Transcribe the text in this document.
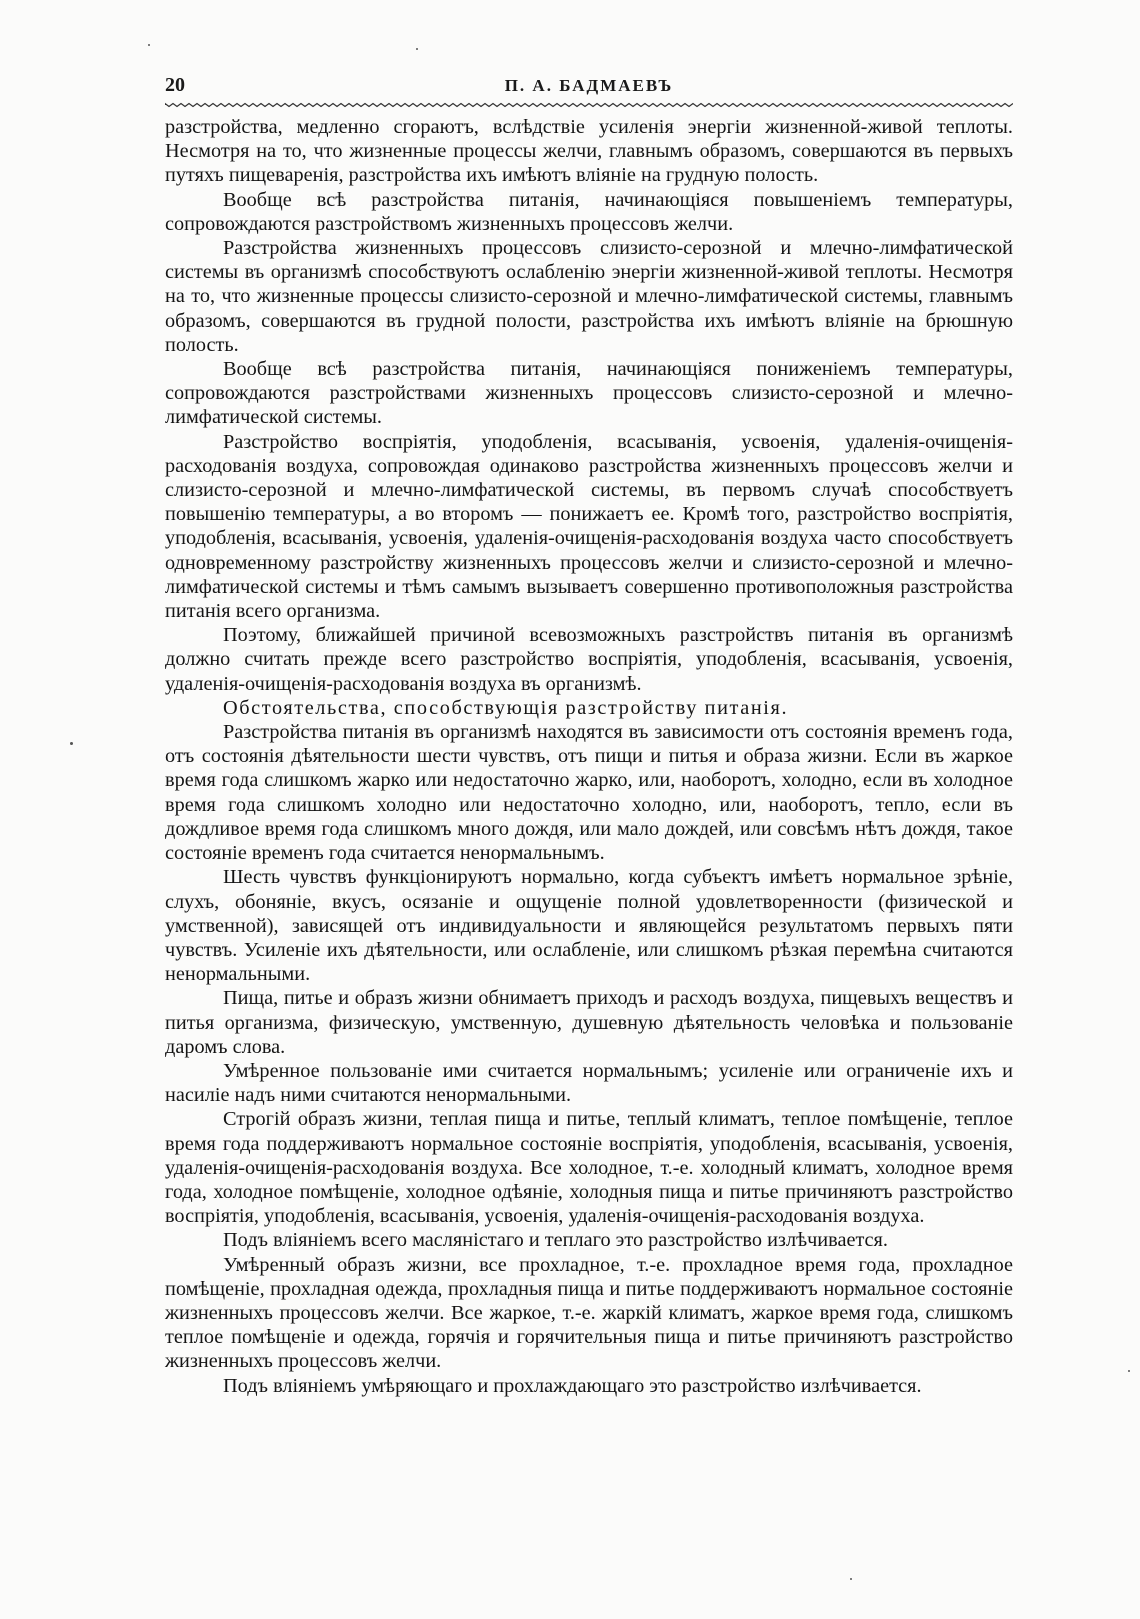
20	П. А. БАДМАЕВЪ

разстройства, медленно сгораютъ, вслѣдствіе усиленія энергіи жизненной-живой теплоты. Несмотря на то, что жизненные процессы желчи, главнымъ образомъ, совершаются въ первыхъ путяхъ пищеваренія, разстройства ихъ имѣютъ вліяніе на грудную полость.

Вообще всѣ разстройства питанія, начинающіяся повышеніемъ температуры, сопровождаются разстройствомъ жизненныхъ процессовъ желчи.

Разстройства жизненныхъ процессовъ слизисто-серозной и млечно-лимфатической системы въ организмѣ способствуютъ ослабленію энергіи жизненной-живой теплоты. Несмотря на то, что жизненные процессы слизисто-серозной и млечно-лимфатической системы, главнымъ образомъ, совершаются въ грудной полости, разстройства ихъ имѣютъ вліяніе на брюшную полость.

Вообще всѣ разстройства питанія, начинающіяся пониженіемъ температуры, сопровождаются разстройствами жизненныхъ процессовъ слизисто-серозной и млечно-лимфатической системы.

Разстройство воспріятія, уподобленія, всасыванія, усвоенія, удаленія-очищенія-расходованія воздуха, сопровождая одинаково разстройства жизненныхъ процессовъ желчи и слизисто-серозной и млечно-лимфатической системы, въ первомъ случаѣ способствуетъ повышенію температуры, а во второмъ — понижаетъ ее. Кромѣ того, разстройство воспріятія, уподобленія, всасыванія, усвоенія, удаленія-очищенія-расходованія воздуха часто способствуетъ одновременному разстройству жизненныхъ процессовъ желчи и слизисто-серозной и млечно-лимфатической системы и тѣмъ самымъ вызываетъ совершенно противоположныя разстройства питанія всего организма.

Поэтому, ближайшей причиной всевозможныхъ разстройствъ питанія въ организмѣ должно считать прежде всего разстройство воспріятія, уподобленія, всасыванія, усвоенія, удаленія-очищенія-расходованія воздуха въ организмѣ.

Обстоятельства, способствующія разстройству питанія.

Разстройства питанія въ организмѣ находятся въ зависимости отъ состоянія временъ года, отъ состоянія дѣятельности шести чувствъ, отъ пищи и питья и образа жизни. Если въ жаркое время года слишкомъ жарко или недостаточно жарко, или, наоборотъ, холодно, если въ холодное время года слишкомъ холодно или недостаточно холодно, или, наоборотъ, тепло, если въ дождливое время года слишкомъ много дождя, или мало дождей, или совсѣмъ нѣтъ дождя, такое состояніе временъ года считается ненормальнымъ.

Шесть чувствъ функціонируютъ нормально, когда субъектъ имѣетъ нормальное зрѣніе, слухъ, обоняніе, вкусъ, осязаніе и ощущеніе полной удовлетворенности (физической и умственной), зависящей отъ индивидуальности и являющейся результатомъ первыхъ пяти чувствъ. Усиленіе ихъ дѣятельности, или ослабленіе, или слишкомъ рѣзкая перемѣна считаются ненормальными.

Пища, питье и образъ жизни обнимаетъ приходъ и расходъ воздуха, пищевыхъ веществъ и питья организма, физическую, умственную, душевную дѣятельность человѣка и пользованіе даромъ слова.

Умѣренное пользованіе ими считается нормальнымъ; усиленіе или ограниченіе ихъ и насиліе надъ ними считаются ненормальными.

Строгій образъ жизни, теплая пища и питье, теплый климатъ, теплое помѣщеніе, теплое время года поддерживаютъ нормальное состояніе воспріятія, уподобленія, всасыванія, усвоенія, удаленія-очищенія-расходованія воздуха. Все холодное, т.-е. холодный климатъ, холодное время года, холодное помѣщеніе, холодное одѣяніе, холодныя пища и питье причиняютъ разстройство воспріятія, уподобленія, всасыванія, усвоенія, удаленія-очищенія-расходованія воздуха.

Подъ вліяніемъ всего масляністаго и теплаго это разстройство излѣчивается.

Умѣренный образъ жизни, все прохладное, т.-е. прохладное время года, прохладное помѣщеніе, прохладная одежда, прохладныя пища и питье поддерживаютъ нормальное состояніе жизненныхъ процессовъ желчи. Все жаркое, т.-е. жаркій климатъ, жаркое время года, слишкомъ теплое помѣщеніе и одежда, горячія и горячительныя пища и питье причиняютъ разстройство жизненныхъ процессовъ желчи.

Подъ вліяніемъ умѣряющаго и прохлаждающаго это разстройство излѣчивается.
